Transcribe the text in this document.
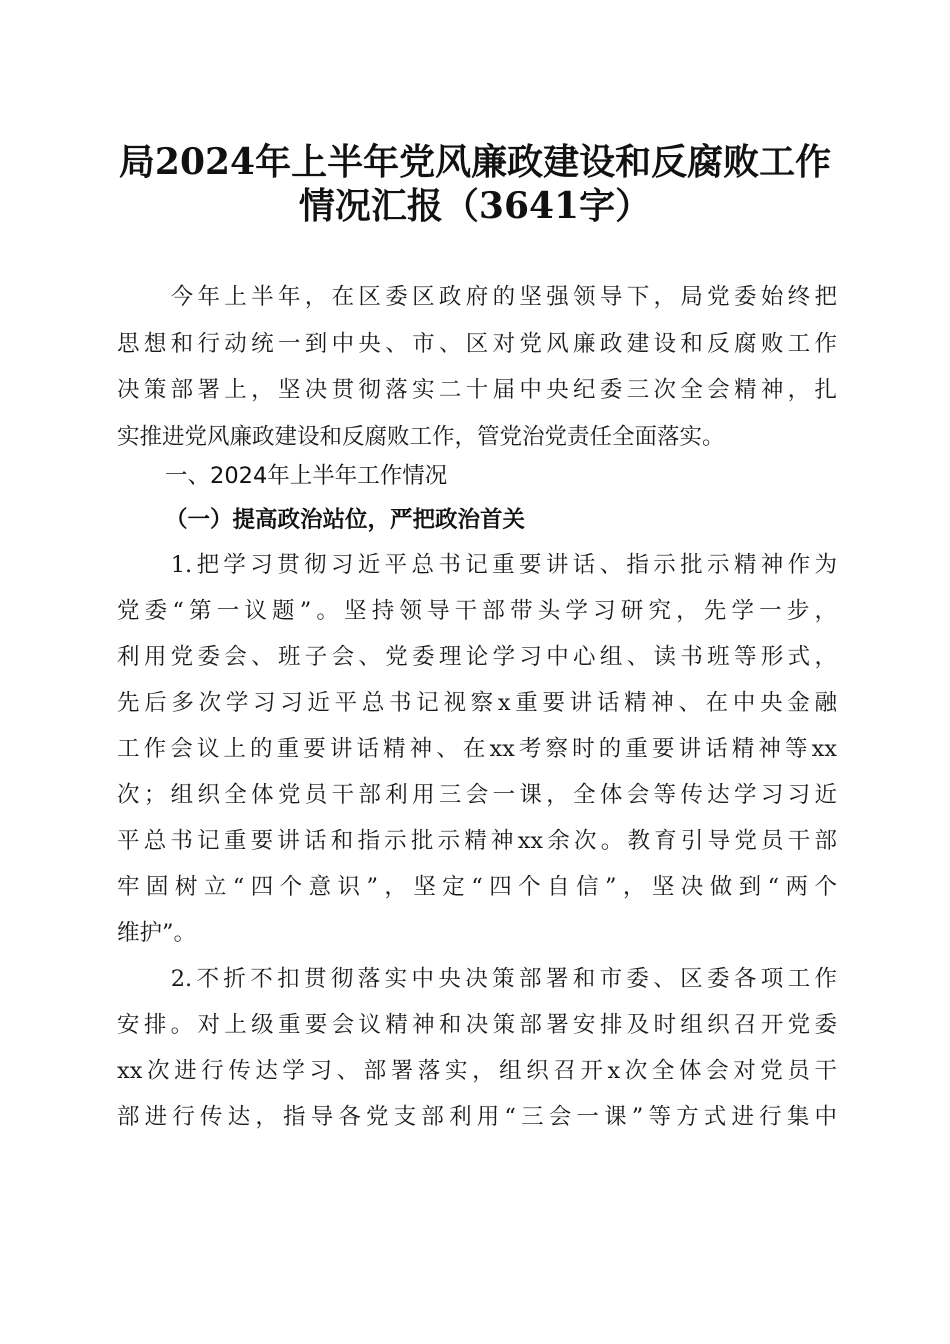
局2024年上半年党风廉政建设和反腐败工作
情况汇报（3641字）
　　今年上半年，在区委区政府的坚强领导下，局党委始终把
思想和行动统一到中央、市、区对党风廉政建设和反腐败工作
决策部署上，坚决贯彻落实二十届中央纪委三次全会精神，扎
实推进党风廉政建设和反腐败工作，管党治党责任全面落实。
一、2024年上半年工作情况
（一）提高政治站位，严把政治首关
　　1.把学习贯彻习近平总书记重要讲话、指示批示精神作为
党委“第一议题”。坚持领导干部带头学习研究，先学一步，
利用党委会、班子会、党委理论学习中心组、读书班等形式，
先后多次学习习近平总书记视察x重要讲话精神、在中央金融
工作会议上的重要讲话精神、在xx考察时的重要讲话精神等xx
次；组织全体党员干部利用三会一课，全体会等传达学习习近
平总书记重要讲话和指示批示精神xx余次。教育引导党员干部
牢固树立“四个意识”，坚定“四个自信”，坚决做到“两个
维护”。
　　2.不折不扣贯彻落实中央决策部署和市委、区委各项工作
安排。对上级重要会议精神和决策部署安排及时组织召开党委
xx次进行传达学习、部署落实，组织召开x次全体会对党员干
部进行传达，指导各党支部利用“三会一课”等方式进行集中
